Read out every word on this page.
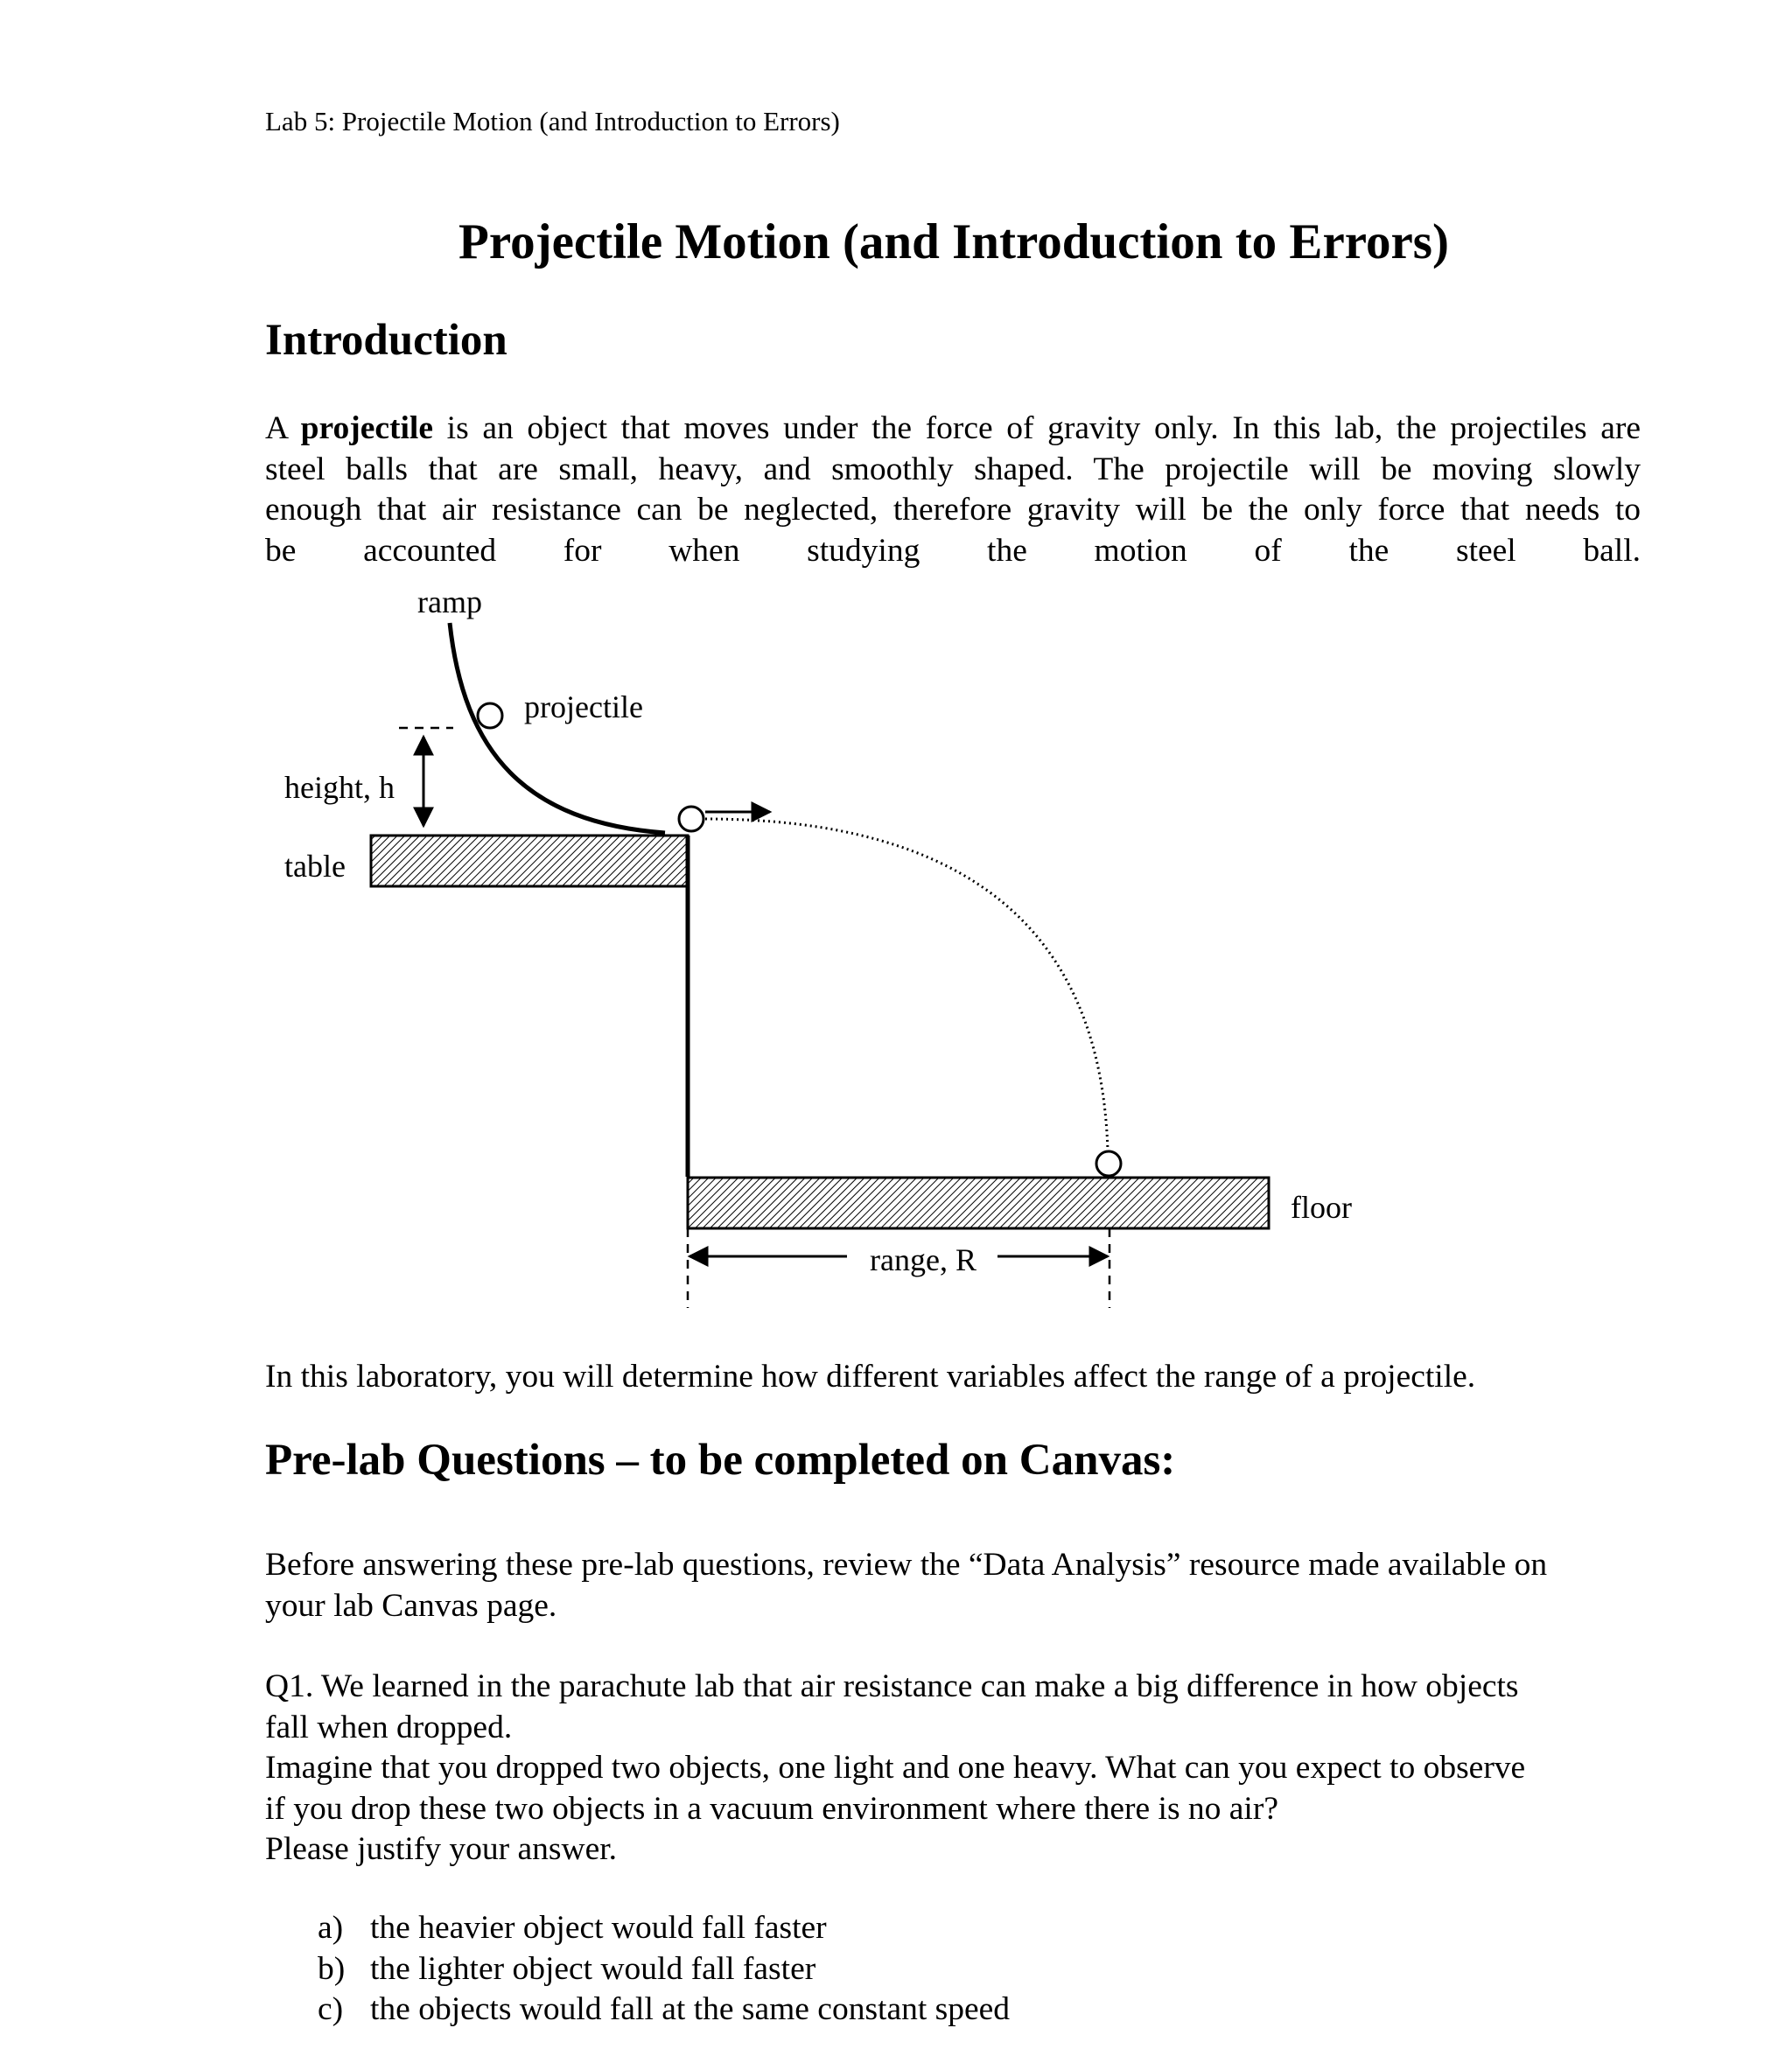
Lab 5: Projectile Motion (and Introduction to Errors)
Projectile Motion (and Introduction to Errors)
Introduction
A projectile is an object that moves under the force of gravity only. In this lab, the projectiles are
steel balls that are small, heavy, and smoothly shaped. The projectile will be moving slowly
enough that air resistance can be neglected, therefore gravity will be the only force that needs to
be accounted for when studying the motion of the steel ball.
ramp
projectile
height, h
table
floor
range, R
In this laboratory, you will determine how different variables affect the range of a projectile.
Pre-lab Questions – to be completed on Canvas:
Before answering these pre-lab questions, review the “Data Analysis” resource made available on
your lab Canvas page.
Q1. We learned in the parachute lab that air resistance can make a big difference in how objects
fall when dropped.
Imagine that you dropped two objects, one light and one heavy. What can you expect to observe
if you drop these two objects in a vacuum environment where there is no air?
Please justify your answer.
a) the heavier object would fall faster
b) the lighter object would fall faster
c) the objects would fall at the same constant speed
